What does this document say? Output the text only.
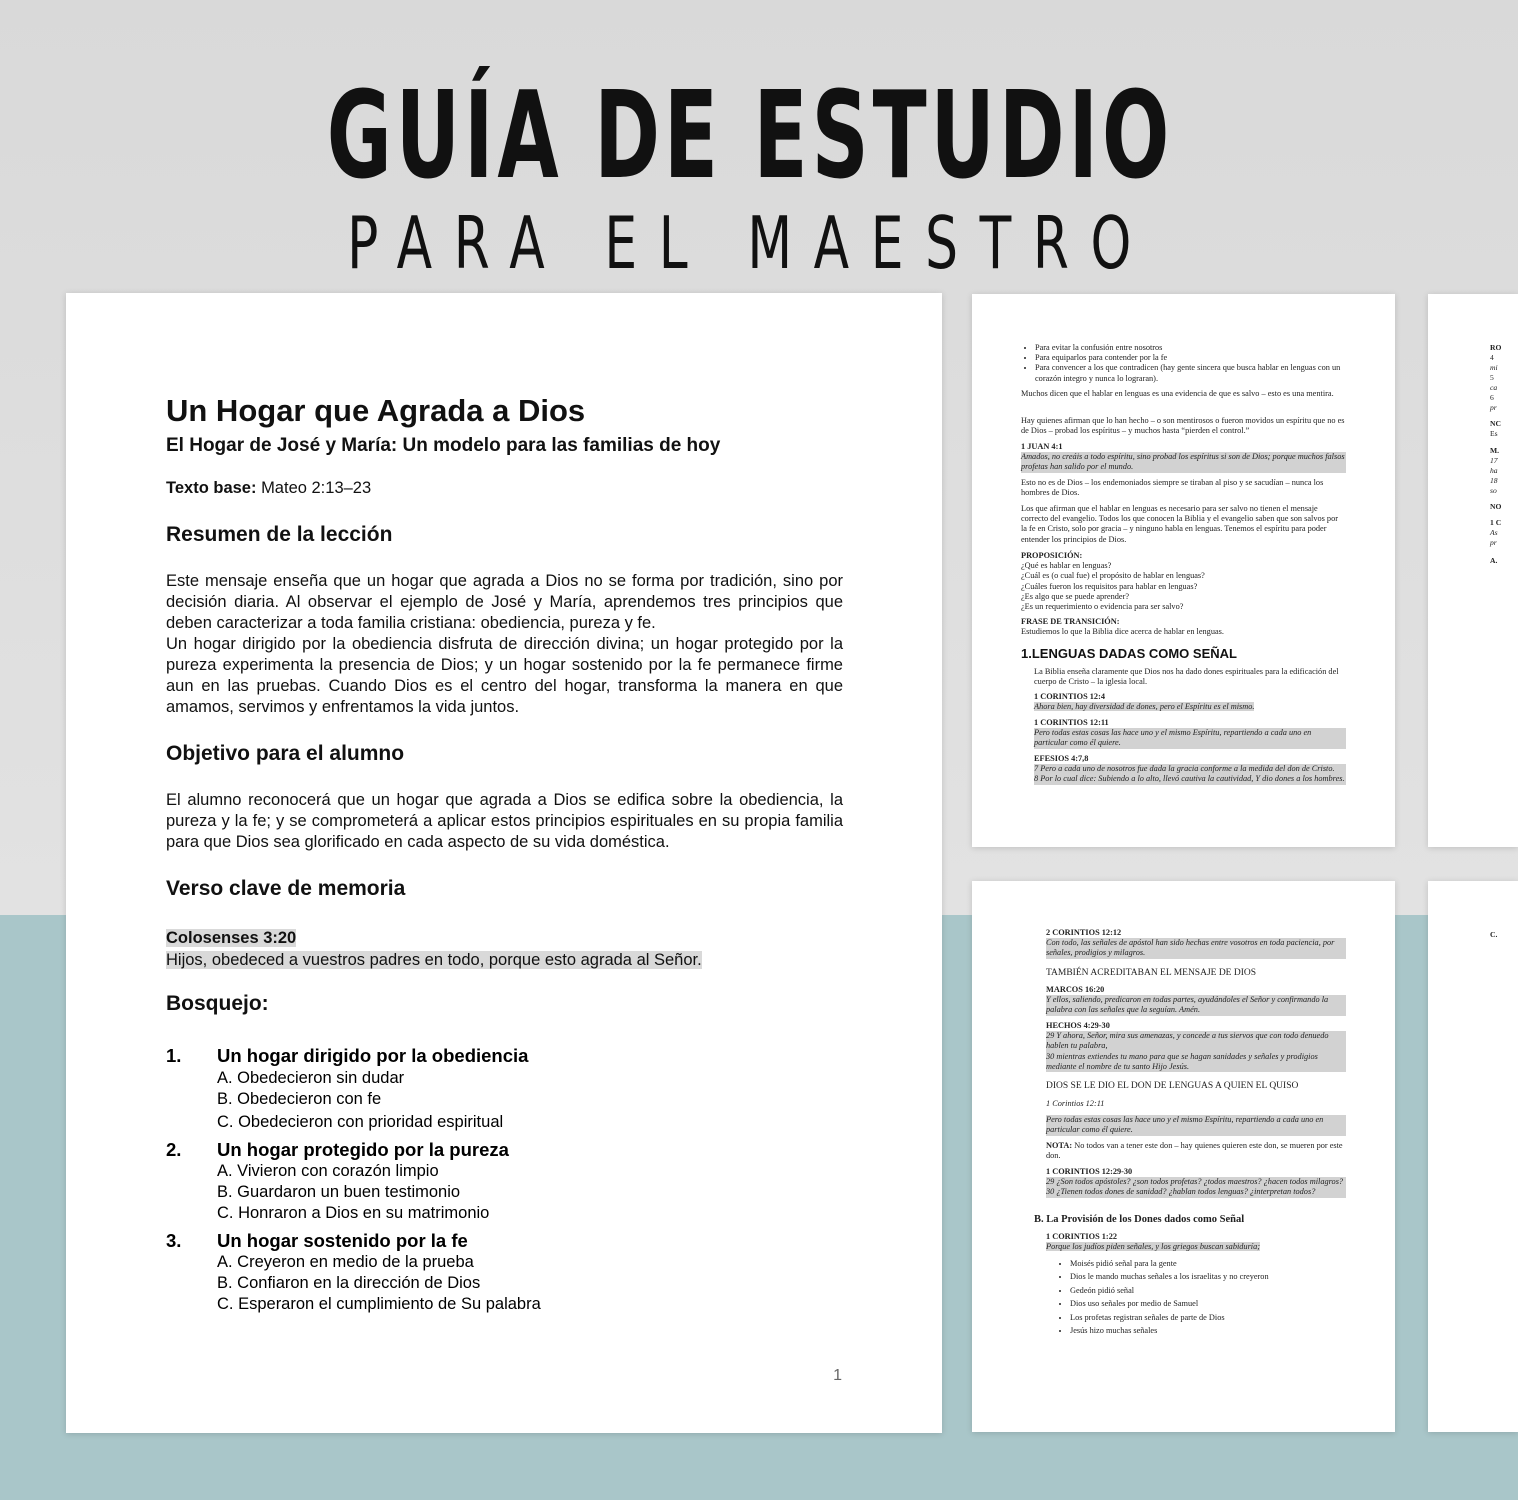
GUÍA DE ESTUDIO
PARA EL MAESTRO
Un Hogar que Agrada a Dios
El Hogar de José y María: Un modelo para las familias de hoy
Texto base: Mateo 2:13–23
Resumen de la lección
Este mensaje enseña que un hogar que agrada a Dios no se forma por tradición, sino por decisión diaria. Al observar el ejemplo de José y María, aprendemos tres principios que deben caracterizar a toda familia cristiana: obediencia, pureza y fe.
Un hogar dirigido por la obediencia disfruta de dirección divina; un hogar protegido por la pureza experimenta la presencia de Dios; y un hogar sostenido por la fe permanece firme aun en las pruebas. Cuando Dios es el centro del hogar, transforma la manera en que amamos, servimos y enfrentamos la vida juntos.
Objetivo para el alumno
El alumno reconocerá que un hogar que agrada a Dios se edifica sobre la obediencia, la pureza y la fe; y se comprometerá a aplicar estos principios espirituales en su propia familia para que Dios sea glorificado en cada aspecto de su vida doméstica.
Verso clave de memoria
Colosenses 3:20
Hijos, obedeced a vuestros padres en todo, porque esto agrada al Señor.
Bosquejo:
1. Un hogar dirigido por la obediencia
A. Obedecieron sin dudar
B. Obedecieron con fe
C. Obedecieron con prioridad espiritual
2. Un hogar protegido por la pureza
A. Vivieron con corazón limpio
B. Guardaron un buen testimonio
C. Honraron a Dios en su matrimonio
3. Un hogar sostenido por la fe
A. Creyeron en medio de la prueba
B. Confiaron en la dirección de Dios
C. Esperaron el cumplimiento de Su palabra
1
• Para evitar la confusión entre nosotros
• Para equiparlos para contender por la fe
• Para convencer a los que contradicen (hay gente sincera que busca hablar en lenguas con un corazón integro y nunca lo lograran).
Muchos dicen que el hablar en lenguas es una evidencia de que es salvo – esto es una mentira.
Hay quienes afirman que lo han hecho – o son mentirosos o fueron movidos un espíritu que no es de Dios – probad los espíritus – y muchos hasta “pierden el control.”
1 JUAN 4:1
Amados, no creáis a todo espíritu, sino probad los espíritus si son de Dios; porque muchos falsos profetas han salido por el mundo.
Esto no es de Dios – los endemoniados siempre se tiraban al piso y se sacudían – nunca los hombres de Dios.
Los que afirman que el hablar en lenguas es necesario para ser salvo no tienen el mensaje correcto del evangelio. Todos los que conocen la Biblia y el evangelio saben que son salvos por la fe en Cristo, solo por gracia – y ninguno habla en lenguas. Tenemos el espíritu para poder entender los principios de Dios.
PROPOSICIÓN:
¿Qué es hablar en lenguas?
¿Cuál es (o cual fue) el propósito de hablar en lenguas?
¿Cuáles fueron los requisitos para hablar en lenguas?
¿Es algo que se puede aprender?
¿Es un requerimiento o evidencia para ser salvo?
FRASE DE TRANSICIÓN:
Estudiemos lo que la Biblia dice acerca de hablar en lenguas.
1.LENGUAS DADAS COMO SEÑAL
La Biblia enseña claramente que Dios nos ha dado dones espirituales para la edificación del cuerpo de Cristo – la iglesia local.
1 CORINTIOS 12:4
Ahora bien, hay diversidad de dones, pero el Espíritu es el mismo.
1 CORINTIOS 12:11
Pero todas estas cosas las hace uno y el mismo Espíritu, repartiendo a cada uno en particular como él quiere.
EFESIOS 4:7,8
7 Pero a cada uno de nosotros fue dada la gracia conforme a la medida del don de Cristo.
8 Por lo cual dice: Subiendo a lo alto, llevó cautiva la cautividad, Y dio dones a los hombres.
2 CORINTIOS 12:12
Con todo, las señales de apóstol han sido hechas entre vosotros en toda paciencia, por señales, prodigios y milagros.
TAMBIÉN ACREDITABAN EL MENSAJE DE DIOS
MARCOS 16:20
Y ellos, saliendo, predicaron en todas partes, ayudándoles el Señor y confirmando la palabra con las señales que la seguían. Amén.
HECHOS 4:29-30
29 Y ahora, Señor, mira sus amenazas, y concede a tus siervos que con todo denuedo hablen tu palabra,
30 mientras extiendes tu mano para que se hagan sanidades y señales y prodigios mediante el nombre de tu santo Hijo Jesús.
DIOS SE LE DIO EL DON DE LENGUAS A QUIEN EL QUISO
1 Corintios 12:11
Pero todas estas cosas las hace uno y el mismo Espíritu, repartiendo a cada uno en particular como él quiere.
NOTA: No todos van a tener este don – hay quienes quieren este don, se mueren por este don.
1 CORINTIOS 12:29-30
29 ¿Son todos apóstoles? ¿son todos profetas? ¿todos maestros? ¿hacen todos milagros?
30 ¿Tienen todos dones de sanidad? ¿hablan todos lenguas? ¿interpretan todos?
B. La Provisión de los Dones dados como Señal
1 CORINTIOS 1:22
Porque los judíos piden señales, y los griegos buscan sabiduría;
• Moisés pidió señal para la gente
• Dios le mando muchas señales a los israelitas y no creyeron
• Gedeón pidió señal
• Dios uso señales por medio de Samuel
• Los profetas registran señales de parte de Dios
• Jesús hizo muchas señales
RO
4
mi
5
ca
6
pr
NC
Es
M.
17
ha
18
so
NO
1 C
As
pr
A.
C.
